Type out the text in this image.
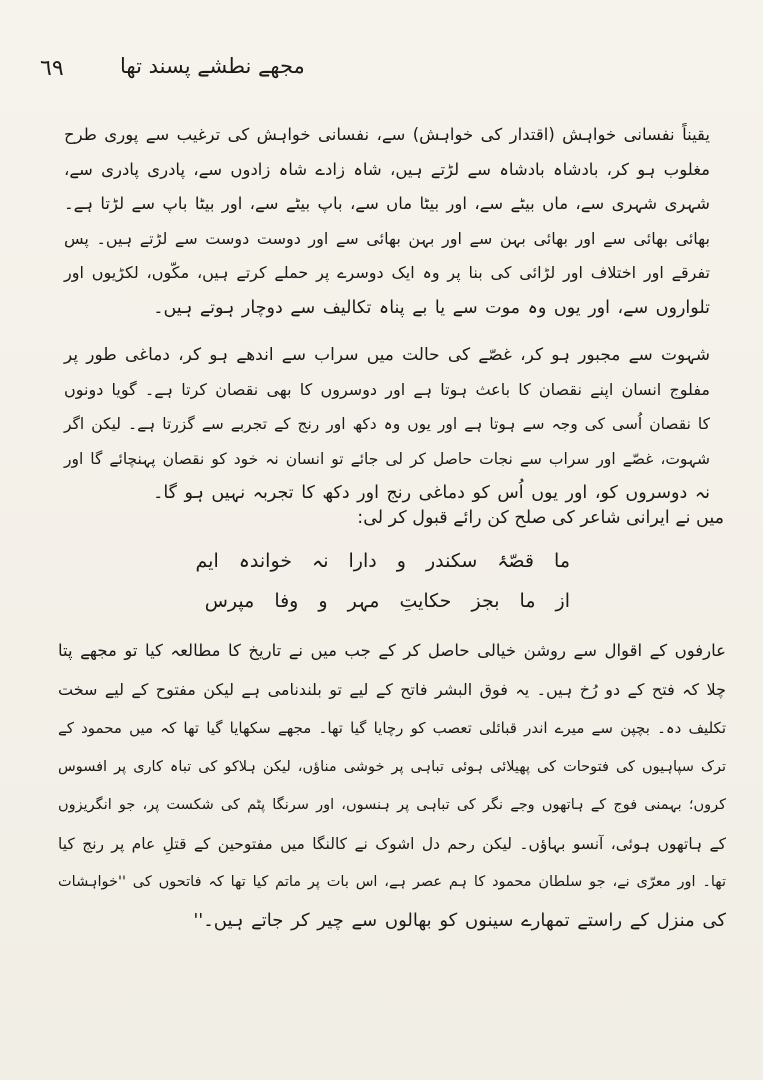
٦٩	مجھے نطشے پسند تھا
یقیناً نفسانی خواہش (اقتدار کی خواہش) سے، نفسانی خواہش کی ترغیب سے پوری طرح
مغلوب ہو کر، بادشاہ بادشاہ سے لڑتے ہیں، شاہ زادے شاہ زادوں سے، پادری پادری سے،
شہری شہری سے، ماں بیٹے سے، اور بیٹا ماں سے، باپ بیٹے سے، اور بیٹا باپ سے لڑتا ہے۔
بھائی بھائی سے اور بھائی بہن سے اور بہن بھائی سے اور دوست دوست سے لڑتے ہیں۔ پس
تفرقے اور اختلاف اور لڑائی کی بنا پر وہ ایک دوسرے پر حملے کرتے ہیں، مکّوں، لکڑیوں اور
تلواروں سے، اور یوں وہ موت سے یا بے پناہ تکالیف سے دوچار ہوتے ہیں۔
شہوت سے مجبور ہو کر، غصّے کی حالت میں سراب سے اندھے ہو کر، دماغی طور پر
مفلوج انسان اپنے نقصان کا باعث ہوتا ہے اور دوسروں کا بھی نقصان کرتا ہے۔ گویا دونوں
کا نقصان اُسی کی وجہ سے ہوتا ہے اور یوں وہ دکھ اور رنج کے تجربے سے گزرتا ہے۔ لیکن اگر
شہوت، غصّے اور سراب سے نجات حاصل کر لی جائے تو انسان نہ خود کو نقصان پہنچائے گا اور
نہ دوسروں کو، اور یوں اُس کو دماغی رنج اور دکھ کا تجربہ نہیں ہو گا۔
میں نے ایرانی شاعر کی صلح کن رائے قبول کر لی:
ما قصّۂ سکندر و دارا نہ خواندہ ایم
از ما بجز حکایتِ مہر و وفا مپرس
عارفوں کے اقوال سے روشن خیالی حاصل کر کے جب میں نے تاریخ کا مطالعہ کیا تو مجھے پتا
چلا کہ فتح کے دو رُخ ہیں۔ یہ فوق البشر فاتح کے لیے تو بلندنامی ہے لیکن مفتوح کے لیے سخت
تکلیف دہ۔ بچپن سے میرے اندر قبائلی تعصب کو رچایا گیا تھا۔ مجھے سکھایا گیا تھا کہ میں محمود کے
ترک سپاہیوں کی فتوحات کی پھیلائی ہوئی تباہی پر خوشی مناؤں، لیکن ہلاکو کی تباہ کاری پر افسوس
کروں؛ بہمنی فوج کے ہاتھوں وجے نگر کی تباہی پر ہنسوں، اور سرنگا پٹم کی شکست پر، جو انگریزوں
کے ہاتھوں ہوئی، آنسو بہاؤں۔ لیکن رحم دل اشوک نے کالنگا میں مفتوحین کے قتلِ عام پر رنج کیا
تھا۔ اور معرّی نے، جو سلطان محمود کا ہم عصر ہے، اس بات پر ماتم کیا تھا کہ فاتحوں کی ''خواہشات
کی منزل کے راستے تمھارے سینوں کو بھالوں سے چیر کر جاتے ہیں۔''
